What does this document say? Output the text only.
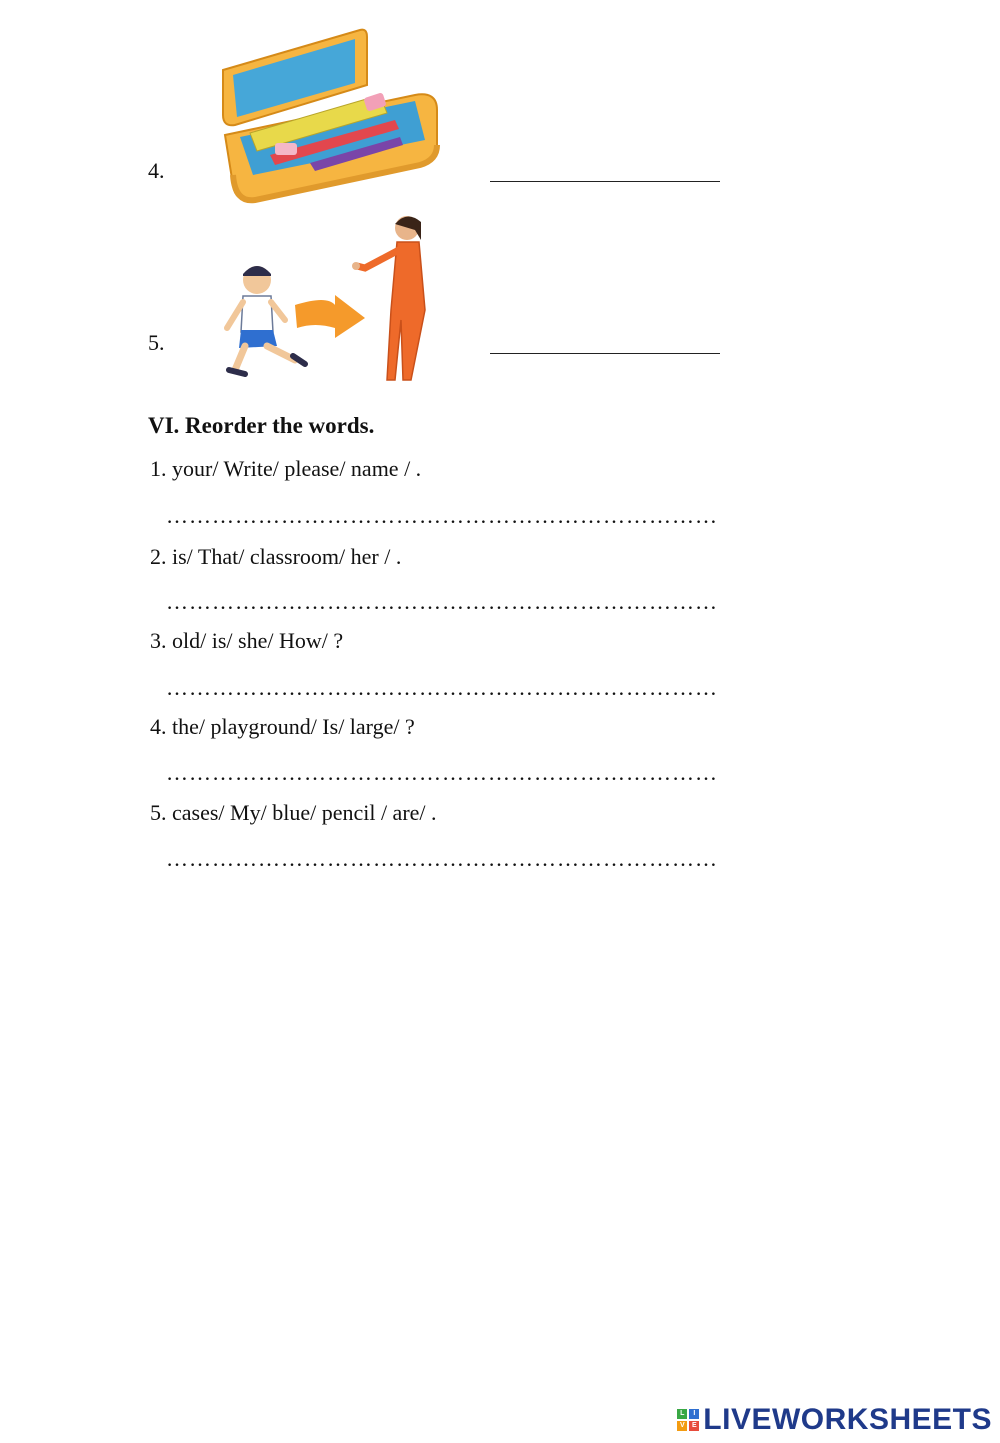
4.
5.
VI. Reorder the words.
1. your/ Write/ please/ name / .
………………………………………………………………
2. is/ That/ classroom/ her / .
………………………………………………………………
3. old/ is/ she/ How/ ?
………………………………………………………………
4. the/ playground/ Is/ large/ ?
………………………………………………………………
5. cases/ My/ blue/ pencil / are/ .
………………………………………………………………
L	I
V	E LIVEWORKSHEETS
